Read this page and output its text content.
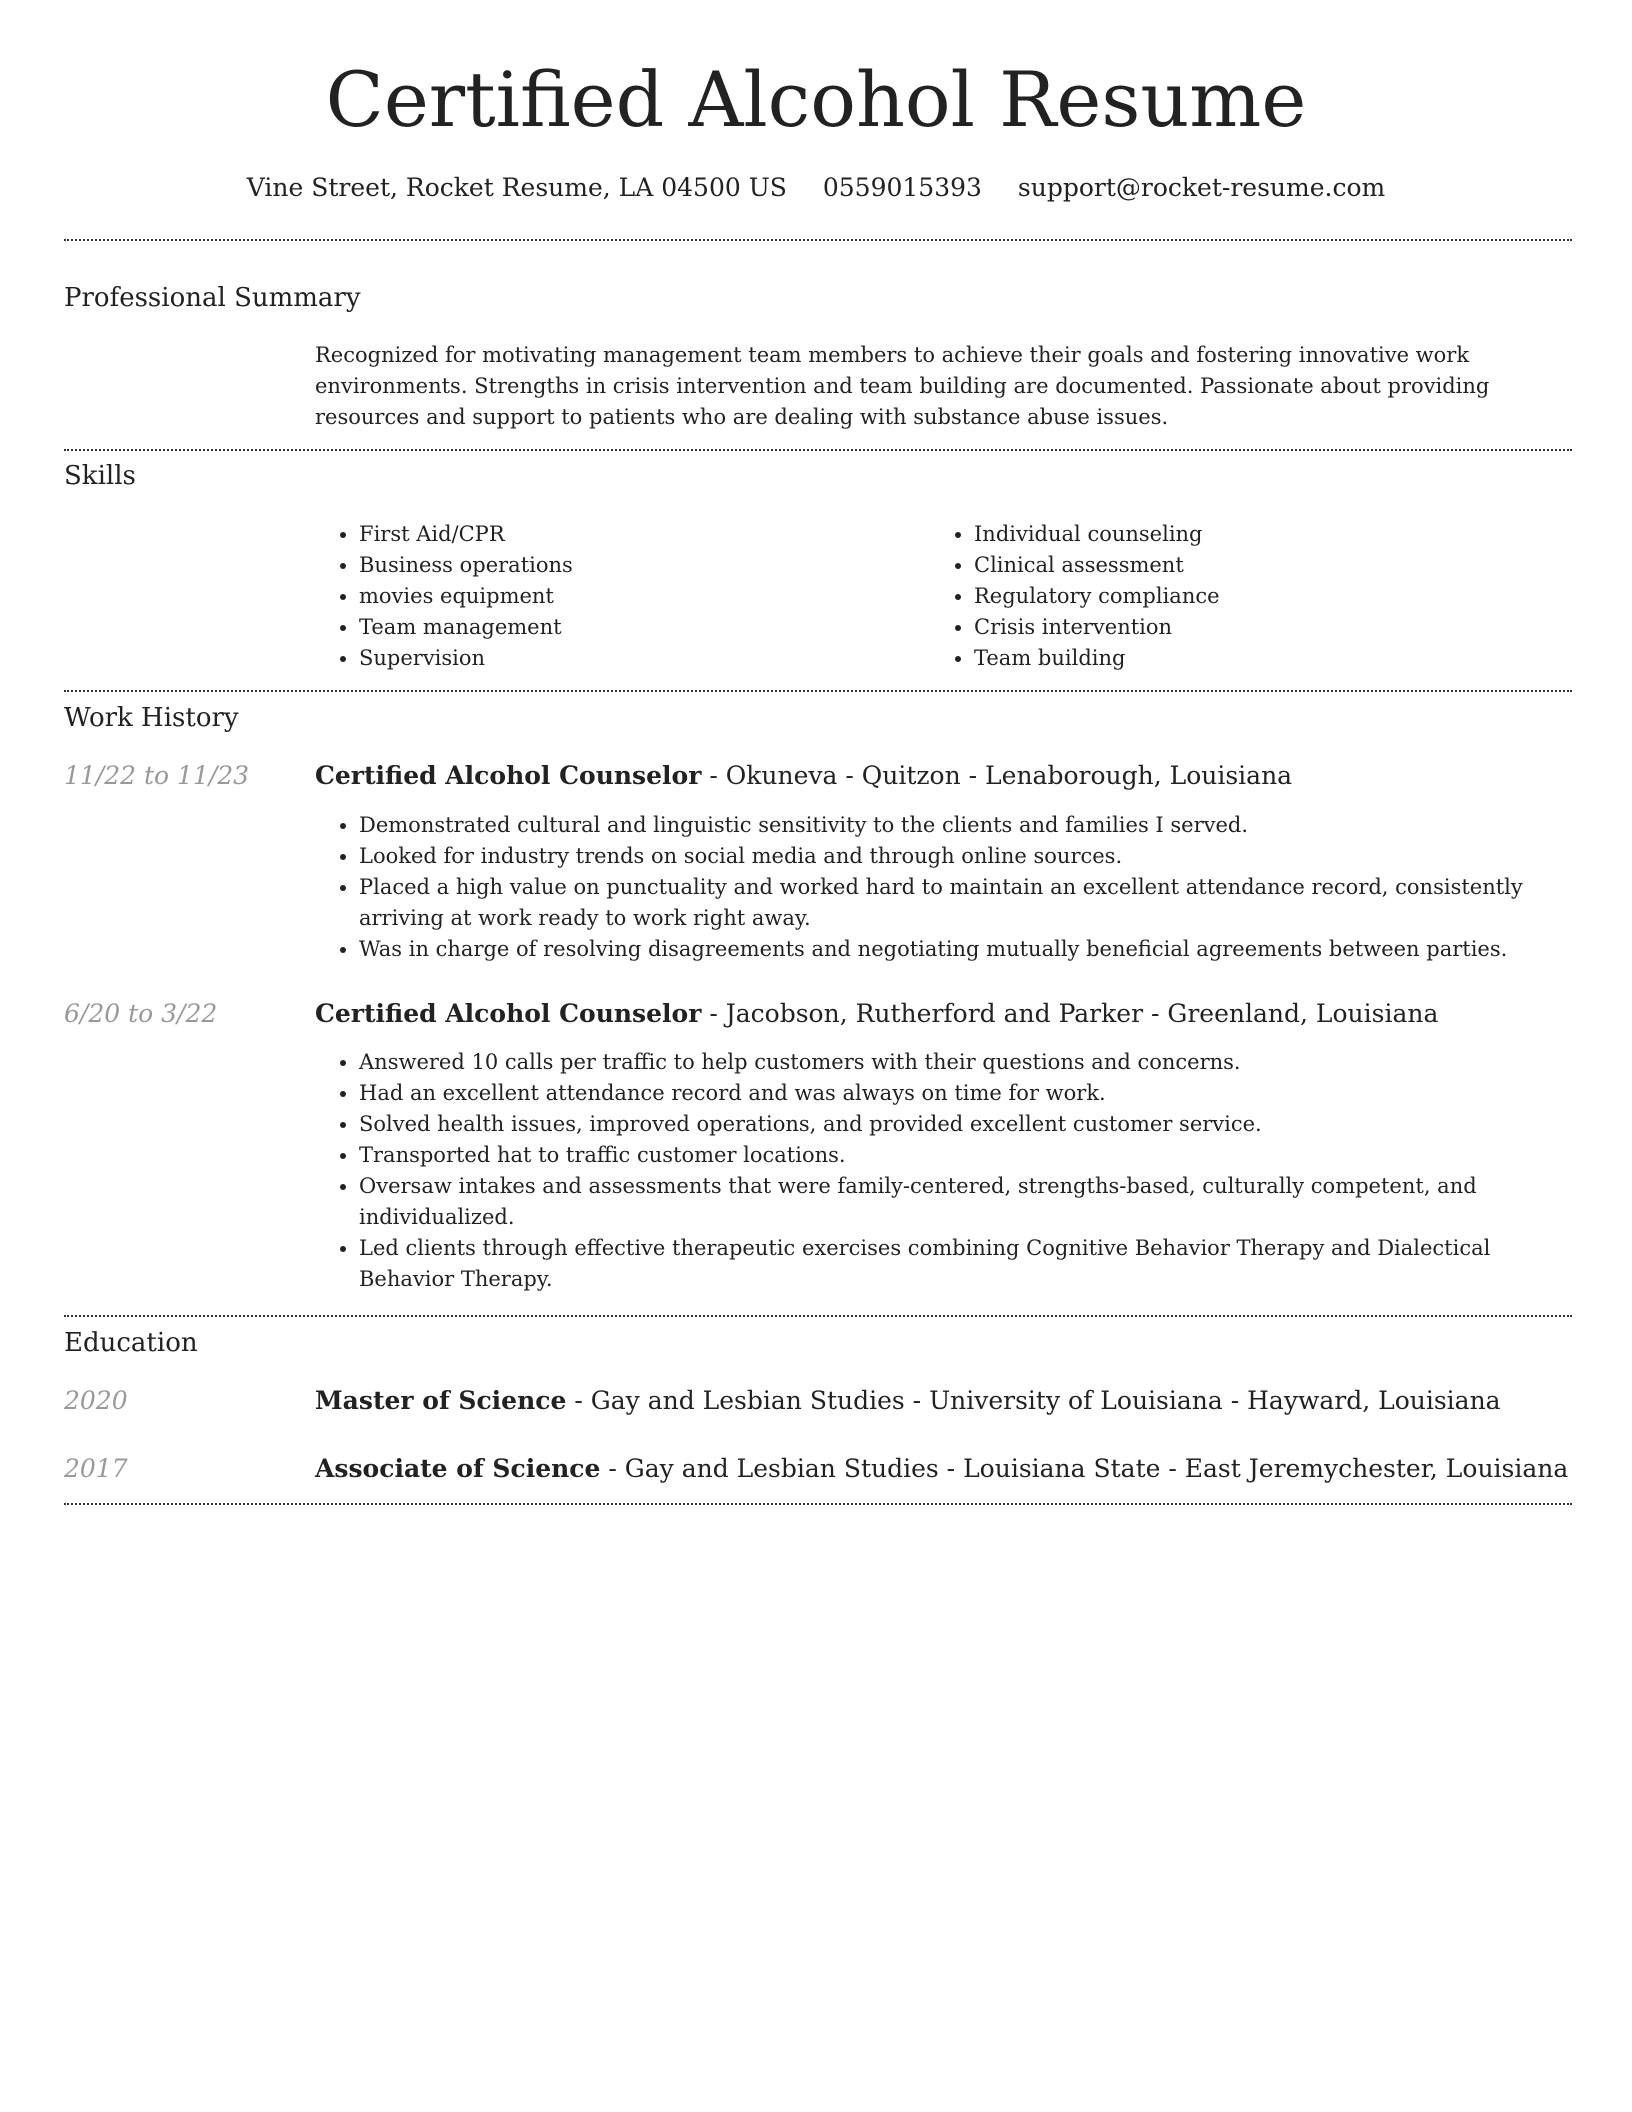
Certified Alcohol Resume
Vine Street, Rocket Resume, LA 04500 US 0559015393 support@rocket-resume.com
Professional Summary
Recognized for motivating management team members to achieve their goals and fostering innovative work environments. Strengths in crisis intervention and team building are documented. Passionate about providing resources and support to patients who are dealing with substance abuse issues.
Skills
• First Aid/CPR
• Business operations
• movies equipment
• Team management
• Supervision
• Individual counseling
• Clinical assessment
• Regulatory compliance
• Crisis intervention
• Team building
Work History
11/22 to 11/23	Certified Alcohol Counselor - Okuneva - Quitzon - Lenaborough, Louisiana
• Demonstrated cultural and linguistic sensitivity to the clients and families I served.
• Looked for industry trends on social media and through online sources.
• Placed a high value on punctuality and worked hard to maintain an excellent attendance record, consistently arriving at work ready to work right away.
• Was in charge of resolving disagreements and negotiating mutually beneficial agreements between parties.
6/20 to 3/22	Certified Alcohol Counselor - Jacobson, Rutherford and Parker - Greenland, Louisiana
• Answered 10 calls per traffic to help customers with their questions and concerns.
• Had an excellent attendance record and was always on time for work.
• Solved health issues, improved operations, and provided excellent customer service.
• Transported hat to traffic customer locations.
• Oversaw intakes and assessments that were family-centered, strengths-based, culturally competent, and individualized.
• Led clients through effective therapeutic exercises combining Cognitive Behavior Therapy and Dialectical Behavior Therapy.
Education
2020	Master of Science - Gay and Lesbian Studies - University of Louisiana - Hayward, Louisiana
2017	Associate of Science - Gay and Lesbian Studies - Louisiana State - East Jeremychester, Louisiana
